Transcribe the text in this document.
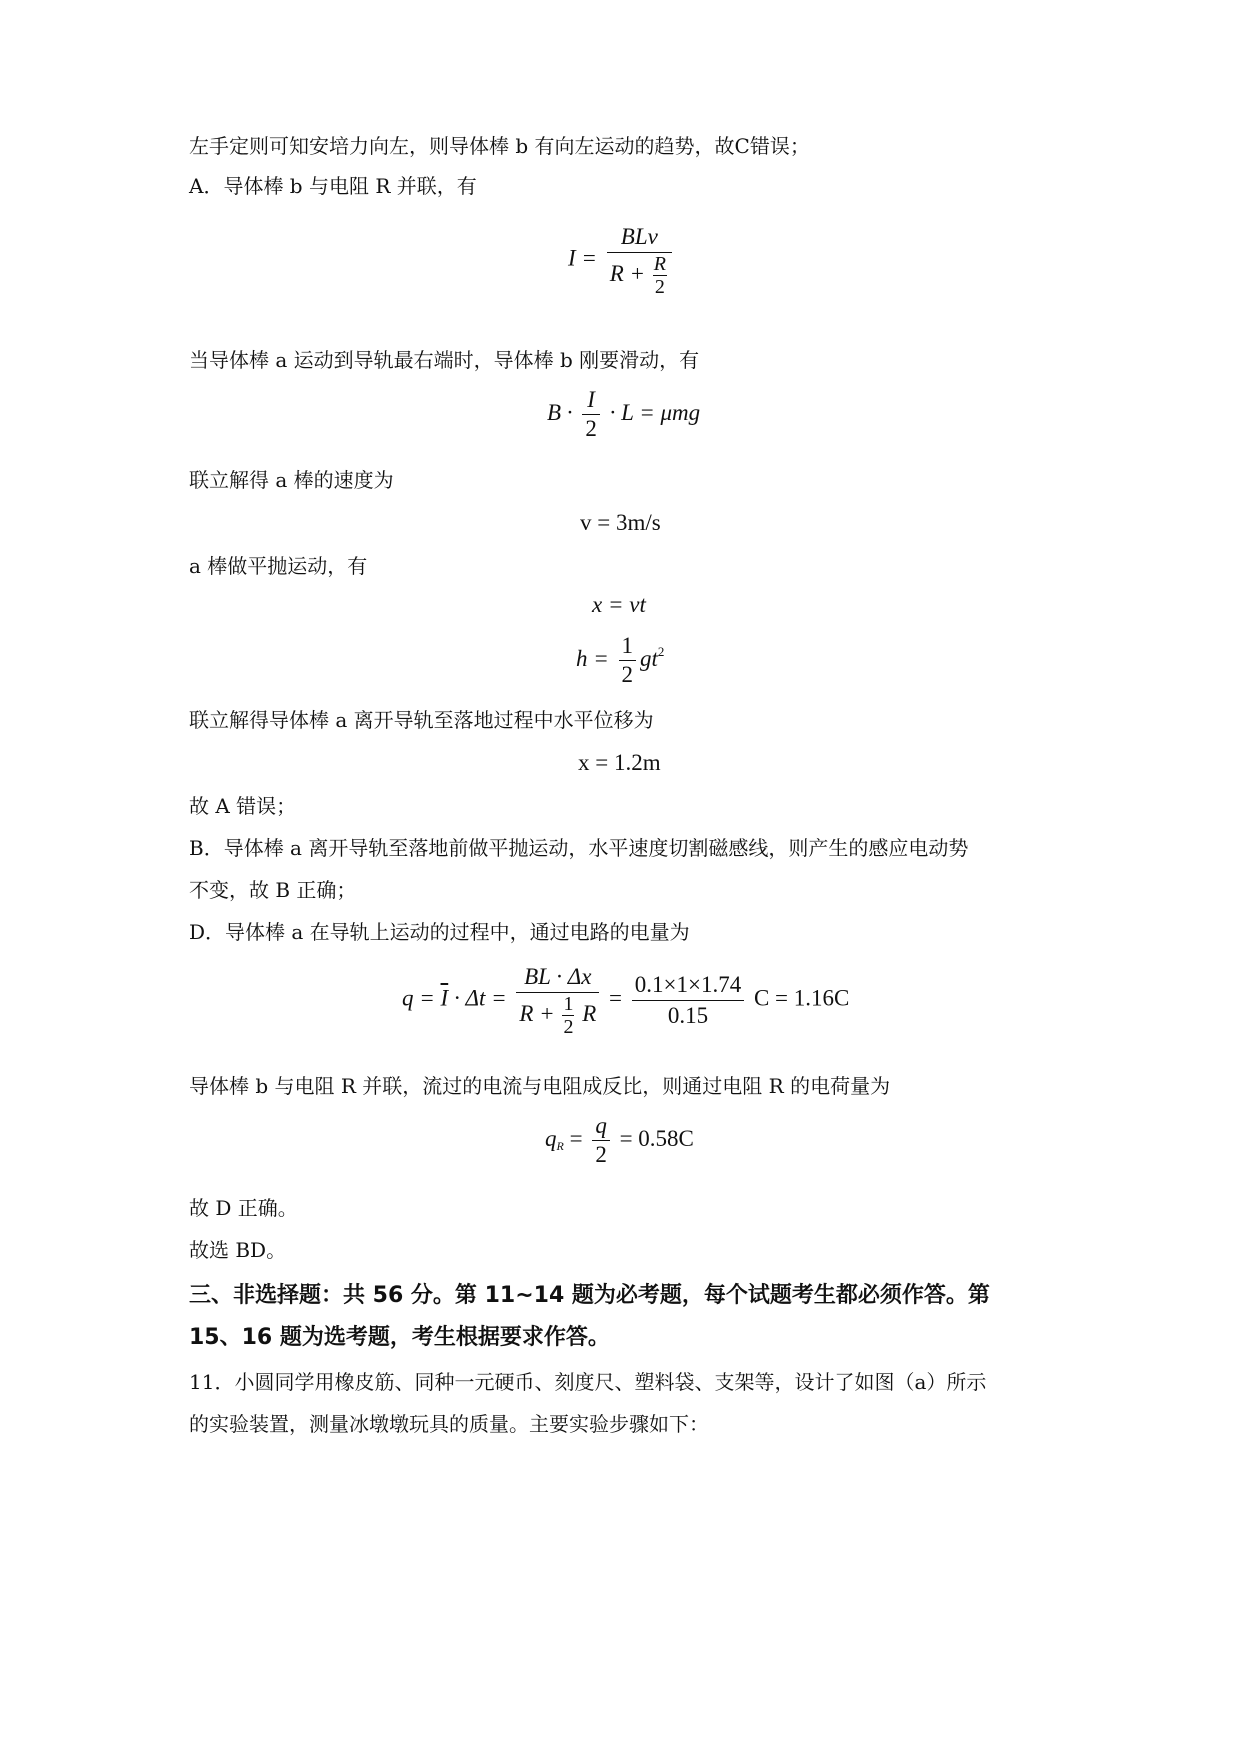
左手定则可知安培力向左，则导体棒 b 有向左运动的趋势，故C错误；
A．导体棒 b 与电阻 R 并联，有
$I = \frac{\text{BLv}}{R + \frac{R}{2}}$
当导体棒 a 运动到导轨最右端时，导体棒 b 刚要滑动，有
$B \cdot \frac{I}{2} \cdot L = \mu mg$
联立解得 a 棒的速度为
v = 3m/s
a 棒做平抛运动，有
x = vt
$h = \frac{1}{2} gt^2$
联立解得导体棒 a 离开导轨至落地过程中水平位移为
x = 1.2m
故 A 错误；
B．导体棒 a 离开导轨至落地前做平抛运动，水平速度切割磁感线，则产生的感应电动势
不变，故 B 正确；
D．导体棒 a 在导轨上运动的过程中，通过电路的电量为
$q = \overline{I} \cdot \Delta t = \frac{BL \cdot \Delta x}{R + \frac{1}{2} R} = \frac{0.1\times 1\times 1.74}{0.15}$ C = 1.16C
导体棒 b 与电阻 R 并联，流过的电流与电阻成反比，则通过电阻 R 的电荷量为
$q_R = \frac{q}{2} = 0.58C$
故 D 正确。
故选 BD。
三、非选择题：共 56 分。第 11~14 题为必考题，每个试题考生都必须作答。第
15、16 题为选考题，考生根据要求作答。
11．小圆同学用橡皮筋、同种一元硬币、刻度尺、塑料袋、支架等，设计了如图（a）所示
的实验装置，测量冰墩墩玩具的质量。主要实验步骤如下：
